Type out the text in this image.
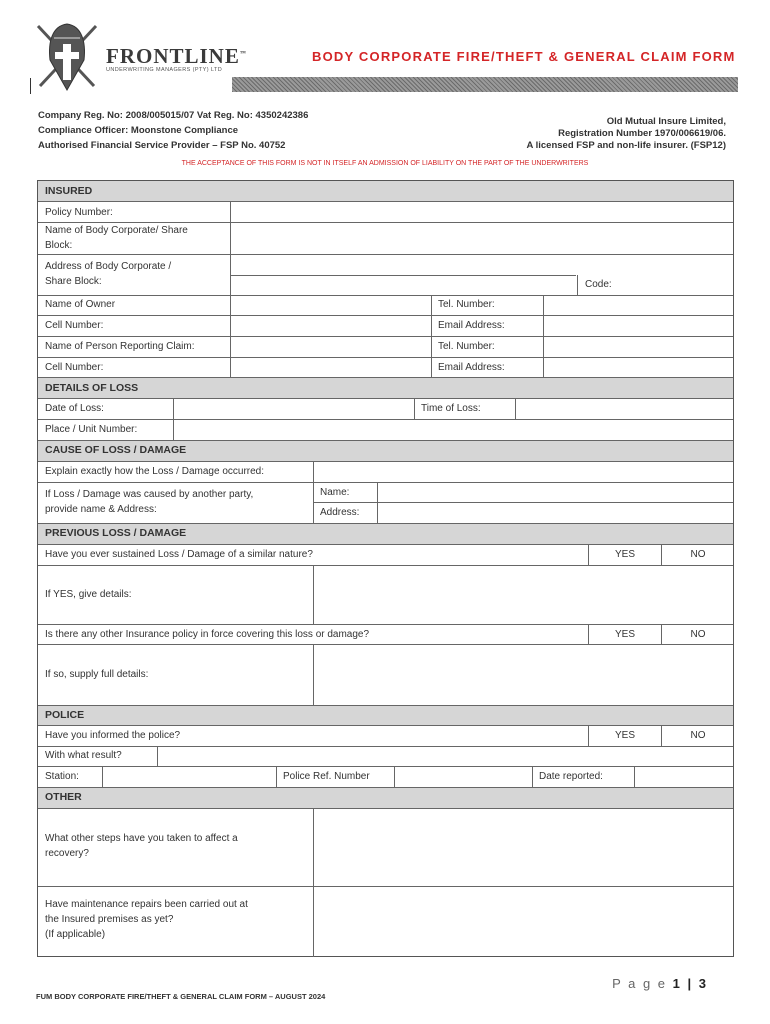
FRONTLINE™
UNDERWRITING MANAGERS (PTY) LTD
BODY CORPORATE FIRE/THEFT & GENERAL CLAIM FORM
Company Reg. No: 2008/005015/07 Vat Reg. No: 4350242386
Compliance Officer: Moonstone Compliance
Authorised Financial Service Provider – FSP No. 40752
Old Mutual Insure Limited,
Registration Number 1970/006619/06.
A licensed FSP and non-life insurer. (FSP12)
THE ACCEPTANCE OF THIS FORM IS NOT IN ITSELF AN ADMISSION OF LIABILITY ON THE PART OF THE UNDERWRITERS
INSURED
Policy Number:
Name of Body Corporate/ Share
Block:
Address of Body Corporate /
Share Block:	Code:
Name of Owner	Tel. Number:
Cell Number:	Email Address:
Name of Person Reporting Claim:	Tel. Number:
Cell Number:	Email Address:
DETAILS OF LOSS
Date of Loss:	Time of Loss:
Place / Unit Number:
CAUSE OF LOSS / DAMAGE
Explain exactly how the Loss / Damage occurred:
If Loss / Damage was caused by another party,
provide name & Address:
Name:
Address:
PREVIOUS LOSS / DAMAGE
Have you ever sustained Loss / Damage of a similar nature?	YES	NO
If YES, give details:
Is there any other Insurance policy in force covering this loss or damage?	YES	NO
If so, supply full details:
POLICE
Have you informed the police?	YES	NO
With what result?
Station:	Police Ref. Number	Date reported:
OTHER
What other steps have you taken to affect a
recovery?
Have maintenance repairs been carried out at
the Insured premises as yet?
(If applicable)
P a g e 1 | 3
FUM BODY CORPORATE FIRE/THEFT & GENERAL CLAIM FORM – AUGUST 2024
